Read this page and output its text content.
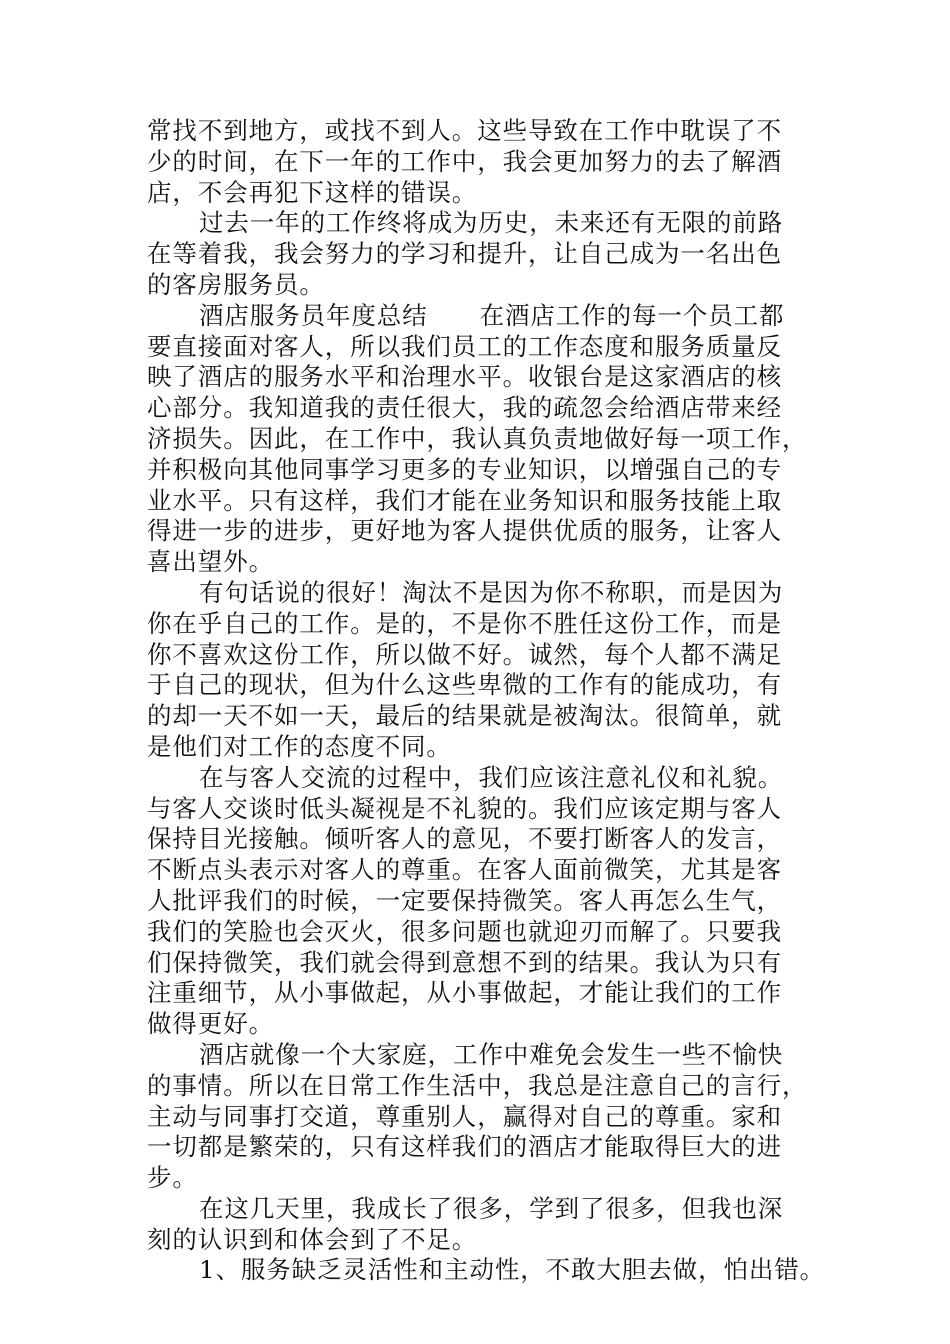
常找不到地方，或找不到人。这些导致在工作中耽误了不
少的时间，在下一年的工作中，我会更加努力的去了解酒
店，不会再犯下这样的错误。
过去一年的工作终将成为历史，未来还有无限的前路
在等着我，我会努力的学习和提升，让自己成为一名出色
的客房服务员。
酒店服务员年度总结 在酒店工作的每一个员工都
要直接面对客人，所以我们员工的工作态度和服务质量反
映了酒店的服务水平和治理水平。收银台是这家酒店的核
心部分。我知道我的责任很大，我的疏忽会给酒店带来经
济损失。因此，在工作中，我认真负责地做好每一项工作，
并积极向其他同事学习更多的专业知识，以增强自己的专
业水平。只有这样，我们才能在业务知识和服务技能上取
得进一步的进步，更好地为客人提供优质的服务，让客人
喜出望外。
有句话说的很好！淘汰不是因为你不称职，而是因为
你在乎自己的工作。是的，不是你不胜任这份工作，而是
你不喜欢这份工作，所以做不好。诚然，每个人都不满足
于自己的现状，但为什么这些卑微的工作有的能成功，有
的却一天不如一天，最后的结果就是被淘汰。很简单，就
是他们对工作的态度不同。
在与客人交流的过程中，我们应该注意礼仪和礼貌。
与客人交谈时低头凝视是不礼貌的。我们应该定期与客人
保持目光接触。倾听客人的意见，不要打断客人的发言，
不断点头表示对客人的尊重。在客人面前微笑，尤其是客
人批评我们的时候，一定要保持微笑。客人再怎么生气，
我们的笑脸也会灭火，很多问题也就迎刃而解了。只要我
们保持微笑，我们就会得到意想不到的结果。我认为只有
注重细节，从小事做起，从小事做起，才能让我们的工作
做得更好。
酒店就像一个大家庭，工作中难免会发生一些不愉快
的事情。所以在日常工作生活中，我总是注意自己的言行，
主动与同事打交道，尊重别人，赢得对自己的尊重。家和
一切都是繁荣的，只有这样我们的酒店才能取得巨大的进
步。
在这几天里，我成长了很多，学到了很多，但我也深
刻的认识到和体会到了不足。
1、服务缺乏灵活性和主动性，不敢大胆去做，怕出错。
